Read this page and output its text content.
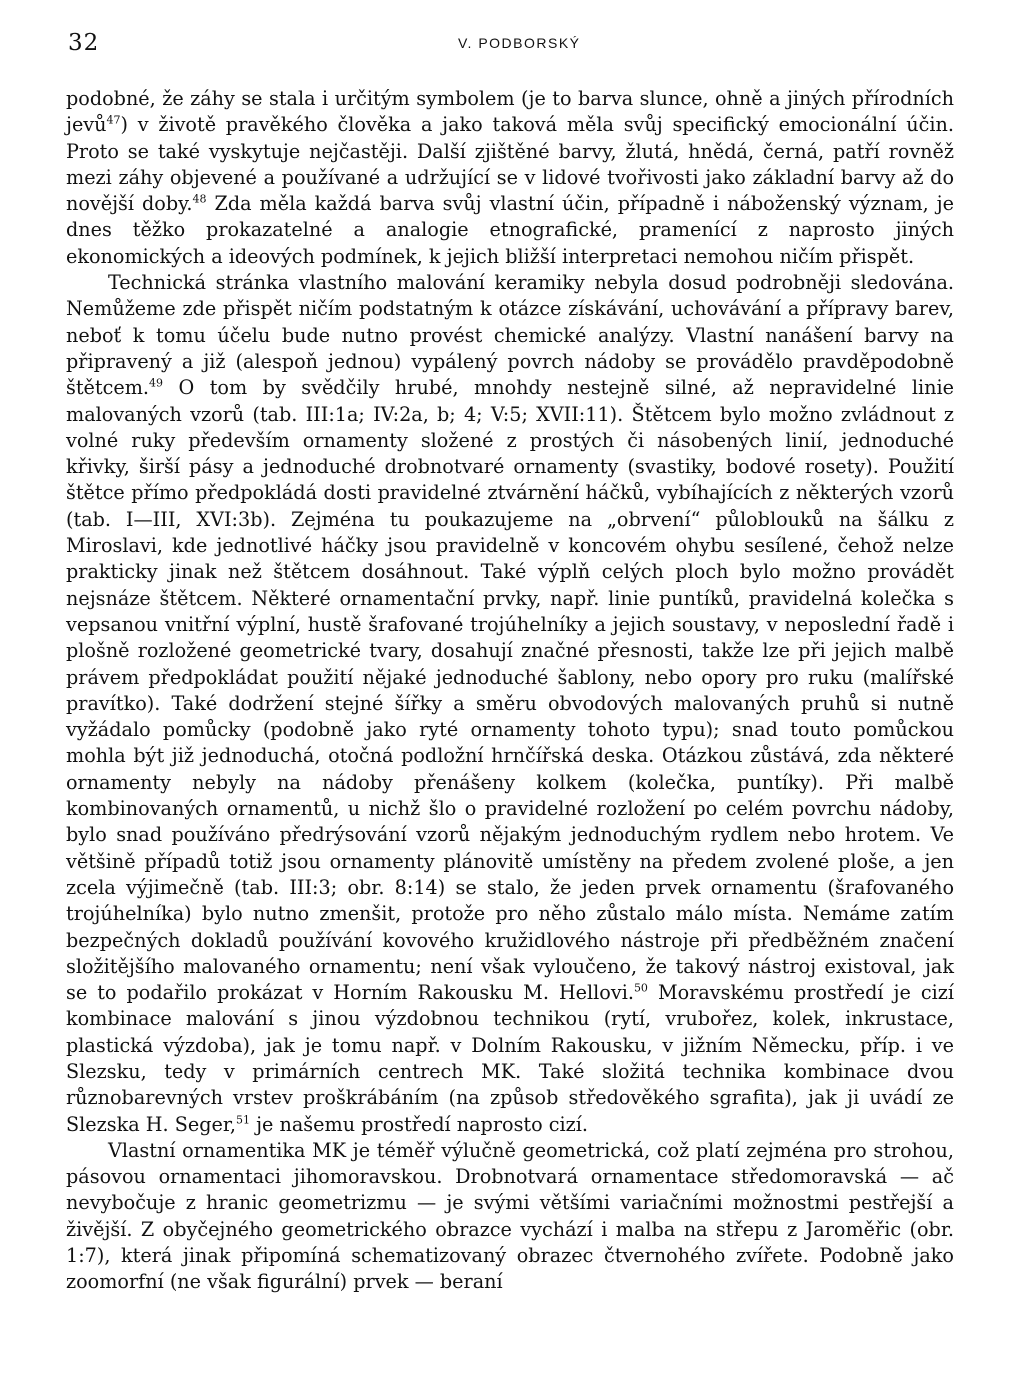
32	V. PODBORSKÝ

podobné, že záhy se stala i určitým symbolem (je to barva slunce, ohně a jiných přírodních jevů$^{47}$) v životě pravěkého člověka a jako taková měla svůj specifický emocionální účin. Proto se také vyskytuje nejčastěji. Další zjištěné barvy, žlutá, hnědá, černá, patří rovněž mezi záhy objevené a používané a udržující se v lidové tvořivosti jako základní barvy až do novější doby.$^{48}$ Zda měla každá barva svůj vlastní účin, případně i náboženský význam, je dnes těžko prokazatelné a analogie etnografické, pramenící z naprosto jiných ekonomických a ideových podmínek, k jejich bližší interpretaci nemohou ničím přispět.

Technická stránka vlastního malování keramiky nebyla dosud podrobněji sledována. Nemůžeme zde přispět ničím podstatným k otázce získávání, uchovávání a přípravy barev, neboť k tomu účelu bude nutno provést chemické analýzy. Vlastní nanášení barvy na připravený a již (alespoň jednou) vypálený povrch nádoby se provádělo pravděpodobně štětcem.$^{49}$ O tom by svědčily hrubé, mnohdy nestejně silné, až nepravidelné linie malovaných vzorů (tab. III:1a; IV:2a, b; 4; V:5; XVII:11). Štětcem bylo možno zvládnout z volné ruky především ornamenty složené z prostých či násobených linií, jednoduché křivky, širší pásy a jednoduché drobnotvaré ornamenty (svastiky, bodové rosety). Použití štětce přímo předpokládá dosti pravidelné ztvárnění háčků, vybíhajících z některých vzorů (tab. I—III, XVI:3b). Zejména tu poukazujeme na „obrvení“ půloblouků na šálku z Miroslavi, kde jednotlivé háčky jsou pravidelně v koncovém ohybu sesílené, čehož nelze prakticky jinak než štětcem dosáhnout. Také výplň celých ploch bylo možno provádět nejsnáze štětcem. Některé ornamentační prvky, např. linie puntíků, pravidelná kolečka s vepsanou vnitřní výplní, hustě šrafované trojúhelníky a jejich soustavy, v neposlední řadě i plošně rozložené geometrické tvary, dosahují značné přesnosti, takže lze při jejich malbě právem předpokládat použití nějaké jednoduché šablony, nebo opory pro ruku (malířské pravítko). Také dodržení stejné šířky a směru obvodových malovaných pruhů si nutně vyžádalo pomůcky (podobně jako ryté ornamenty tohoto typu); snad touto pomůckou mohla být již jednoduchá, otočná podložní hrnčířská deska. Otázkou zůstává, zda některé ornamenty nebyly na nádoby přenášeny kolkem (kolečka, puntíky). Při malbě kombinovaných ornamentů, u nichž šlo o pravidelné rozložení po celém povrchu nádoby, bylo snad používáno předrýsování vzorů nějakým jednoduchým rydlem nebo hrotem. Ve většině případů totiž jsou ornamenty plánovitě umístěny na předem zvolené ploše, a jen zcela výjimečně (tab. III:3; obr. 8:14) se stalo, že jeden prvek ornamentu (šrafovaného trojúhelníka) bylo nutno zmenšit, protože pro něho zůstalo málo místa. Nemáme zatím bezpečných dokladů používání kovového kružidlového nástroje při předběžném značení složitějšího malovaného ornamentu; není však vyloučeno, že takový nástroj existoval, jak se to podařilo prokázat v Horním Rakousku M. Hellovi.$^{50}$ Moravskému prostředí je cizí kombinace malování s jinou výzdobnou technikou (rytí, vrubořez, kolek, inkrustace, plastická výzdoba), jak je tomu např. v Dolním Rakousku, v jižním Německu, příp. i ve Slezsku, tedy v primárních centrech MK. Také složitá technika kombinace dvou různobarevných vrstev proškrábáním (na způsob středověkého sgrafita), jak ji uvádí ze Slezska H. Seger,$^{51}$ je našemu prostředí naprosto cizí.

Vlastní ornamentika MK je téměř výlučně geometrická, což platí zejména pro strohou, pásovou ornamentaci jihomoravskou. Drobnotvará ornamentace středomoravská — ač nevybočuje z hranic geometrizmu — je svými většími variačními možnostmi pestřejší a živější. Z obyčejného geometrického obrazce vychází i malba na střepu z Jaroměřic (obr. 1:7), která jinak připomíná schematizovaný obrazec čtvernohého zvířete. Podobně jako zoomorfní (ne však figurální) prvek — beraní
